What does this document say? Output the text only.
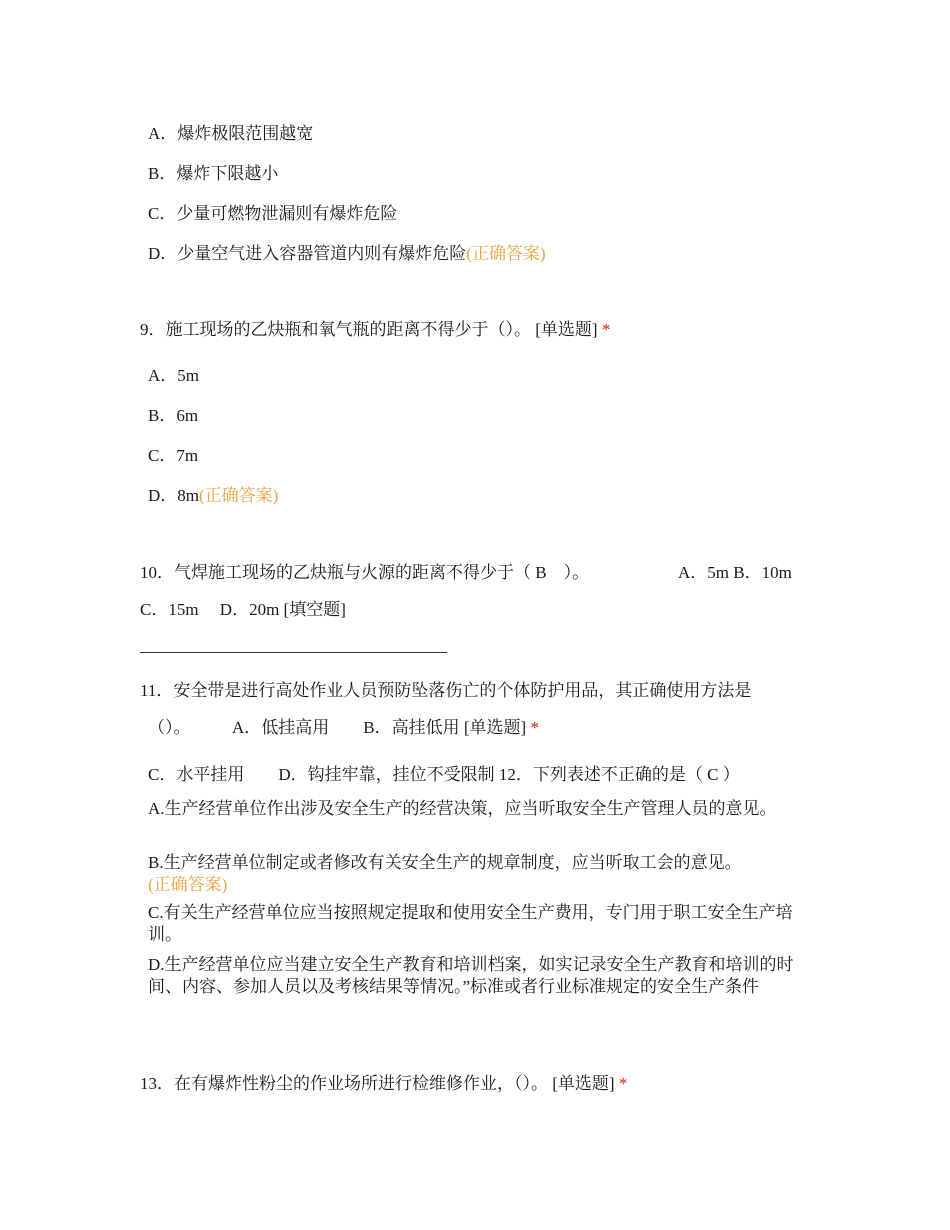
A．爆炸极限范围越宽
B．爆炸下限越小
C．少量可燃物泄漏则有爆炸危险
D．少量空气进入容器管道内则有爆炸危险(正确答案)
9．施工现场的乙炔瓶和氧气瓶的距离不得少于（）。 [单选题] *
A．5m
B．6m
C．7m
D．8m(正确答案)
10．气焊施工现场的乙炔瓶与火源的距离不得少于（ B　）。	A．5m B．10m
C．15m　 D．20m [填空题]
11．安全带是进行高处作业人员预防坠落伤亡的个体防护用品，其正确使用方法是
（）。 A．低挂高用　　B．高挂低用 [单选题] *
C．水平挂用　　D．钩挂牢靠，挂位不受限制 12．下列表述不正确的是（ C ）
A.生产经营单位作出涉及安全生产的经营决策，应当听取安全生产管理人员的意见。
B.生产经营单位制定或者修改有关安全生产的规章制度，应当听取工会的意见。
(正确答案)
C.有关生产经营单位应当按照规定提取和使用安全生产费用，专门用于职工安全生产培训。
D.生产经营单位应当建立安全生产教育和培训档案，如实记录安全生产教育和培训的时间、内容、参加人员以及考核结果等情况。”标准或者行业标准规定的安全生产条件
13．在有爆炸性粉尘的作业场所进行检维修作业，（）。 [单选题] *
